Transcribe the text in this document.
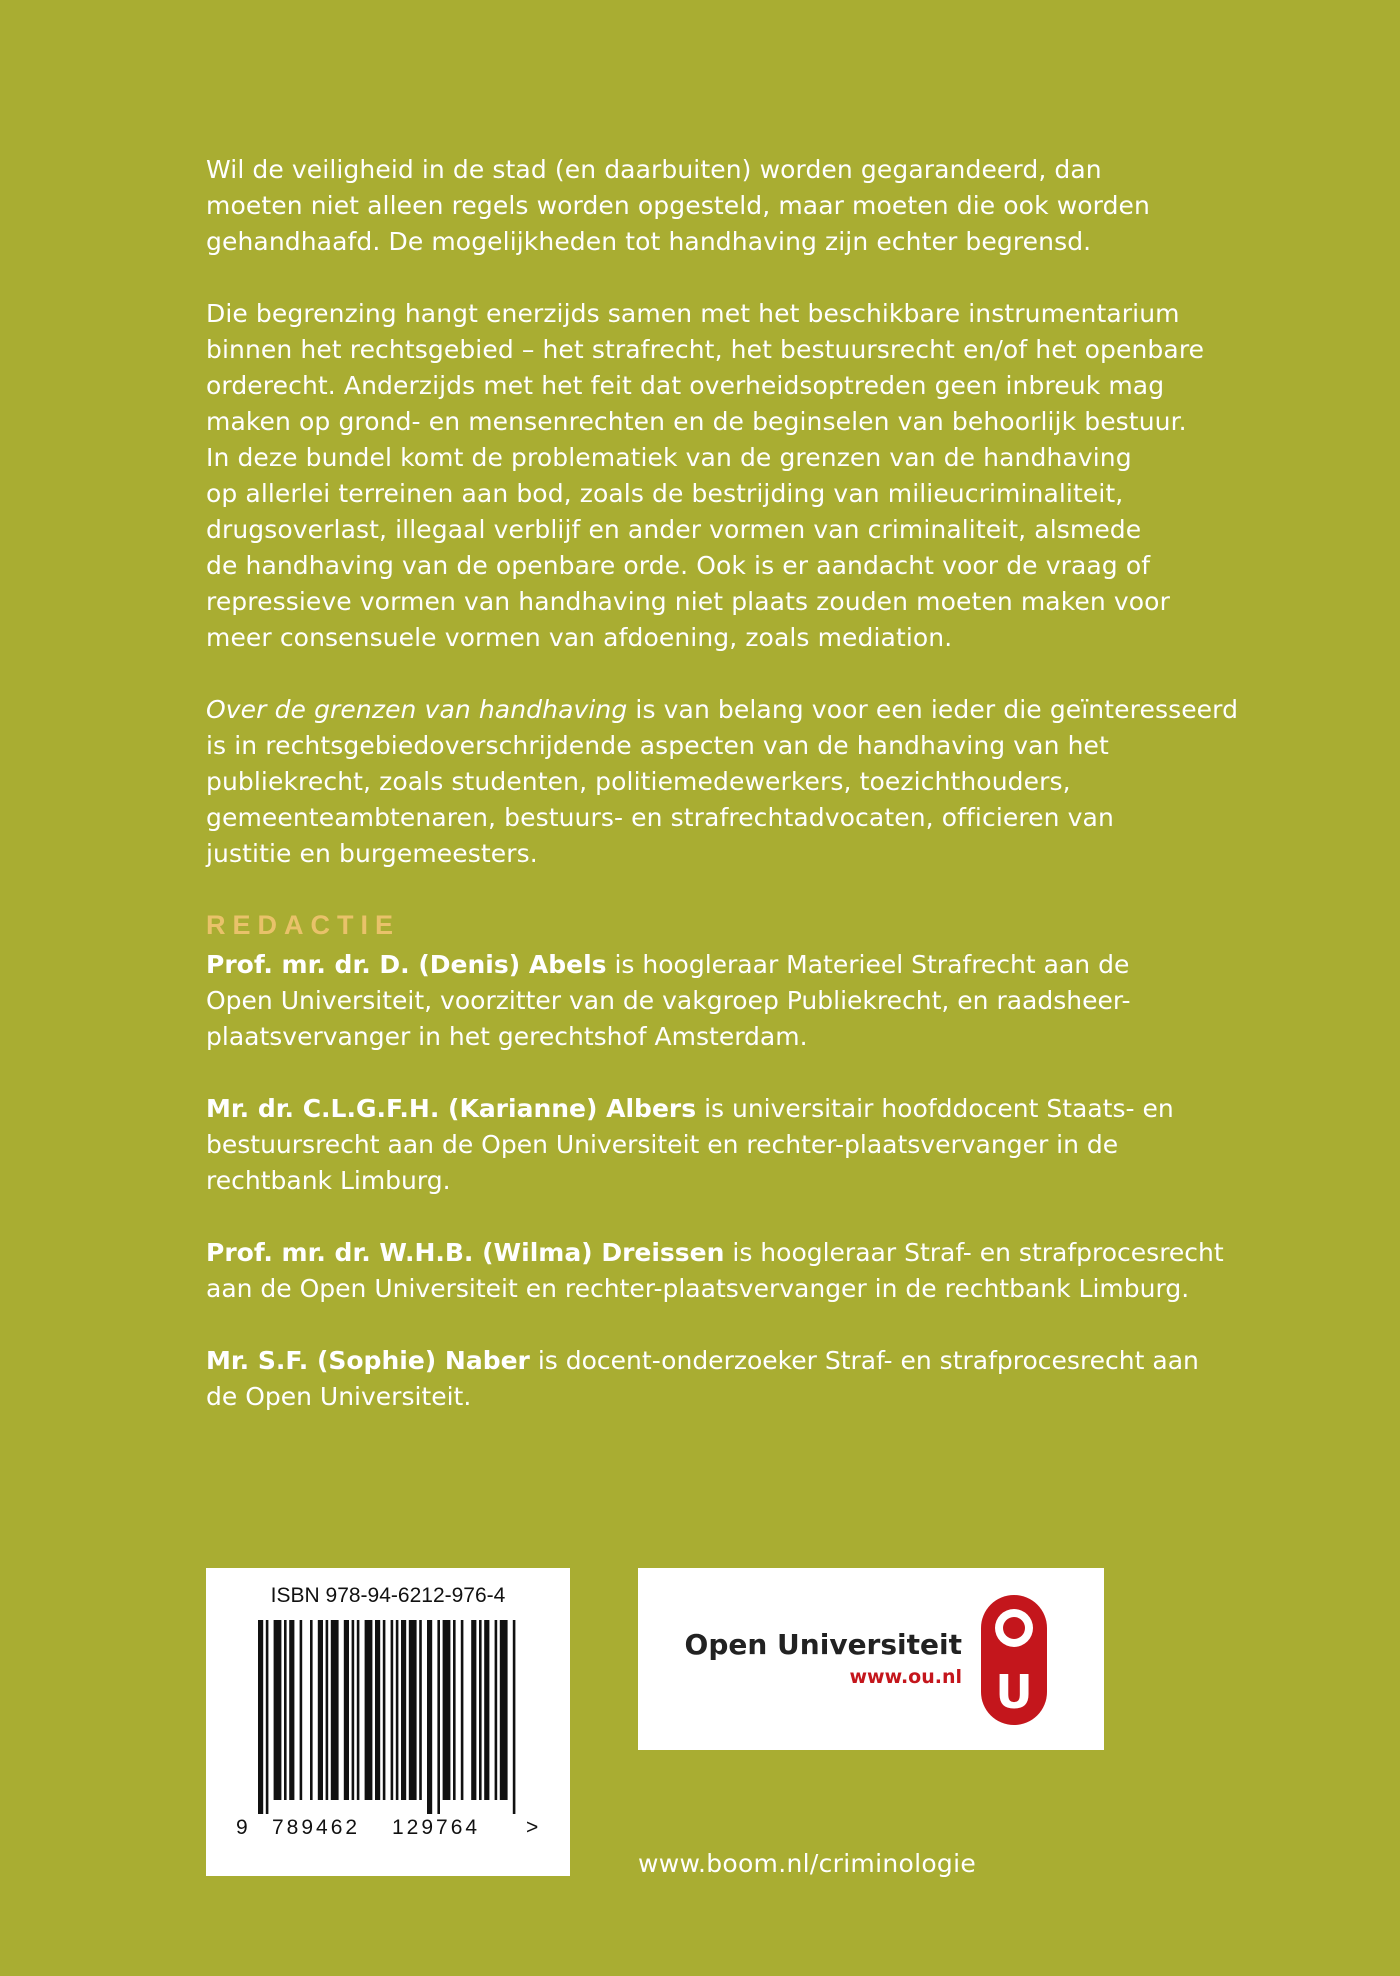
Wil de veiligheid in de stad (en daarbuiten) worden gegarandeerd, dan
moeten niet alleen regels worden opgesteld, maar moeten die ook worden
gehandhaafd. De mogelijkheden tot handhaving zijn echter begrensd.

Die begrenzing hangt enerzijds samen met het beschikbare instrumentarium
binnen het rechtsgebied – het strafrecht, het bestuursrecht en/of het openbare
orderecht. Anderzijds met het feit dat overheidsoptreden geen inbreuk mag
maken op grond- en mensenrechten en de beginselen van behoorlijk bestuur.
In deze bundel komt de problematiek van de grenzen van de handhaving
op allerlei terreinen aan bod, zoals de bestrijding van milieucriminaliteit,
drugsoverlast, illegaal verblijf en ander vormen van criminaliteit, alsmede
de handhaving van de openbare orde. Ook is er aandacht voor de vraag of
repressieve vormen van handhaving niet plaats zouden moeten maken voor
meer consensuele vormen van afdoening, zoals mediation.

Over de grenzen van handhaving is van belang voor een ieder die geïnteresseerd
is in rechtsgebiedoverschrijdende aspecten van de handhaving van het
publiekrecht, zoals studenten, politiemedewerkers, toezichthouders,
gemeenteambtenaren, bestuurs- en strafrechtadvocaten, officieren van
justitie en burgemeesters.

REDACTIE

Prof. mr. dr. D. (Denis) Abels is hoogleraar Materieel Strafrecht aan de
Open Universiteit, voorzitter van de vakgroep Publiekrecht, en raadsheer-
plaatsvervanger in het gerechtshof Amsterdam.

Mr. dr. C.L.G.F.H. (Karianne) Albers is universitair hoofddocent Staats- en
bestuursrecht aan de Open Universiteit en rechter-plaatsvervanger in de
rechtbank Limburg.

Prof. mr. dr. W.H.B. (Wilma) Dreissen is hoogleraar Straf- en strafprocesrecht
aan de Open Universiteit en rechter-plaatsvervanger in de rechtbank Limburg.

Mr. S.F. (Sophie) Naber is docent-onderzoeker Straf- en strafprocesrecht aan
de Open Universiteit.

ISBN 978-94-6212-976-4
9 789462 129764 >
Open Universiteit
www.ou.nl U
www.boom.nl/criminologie
